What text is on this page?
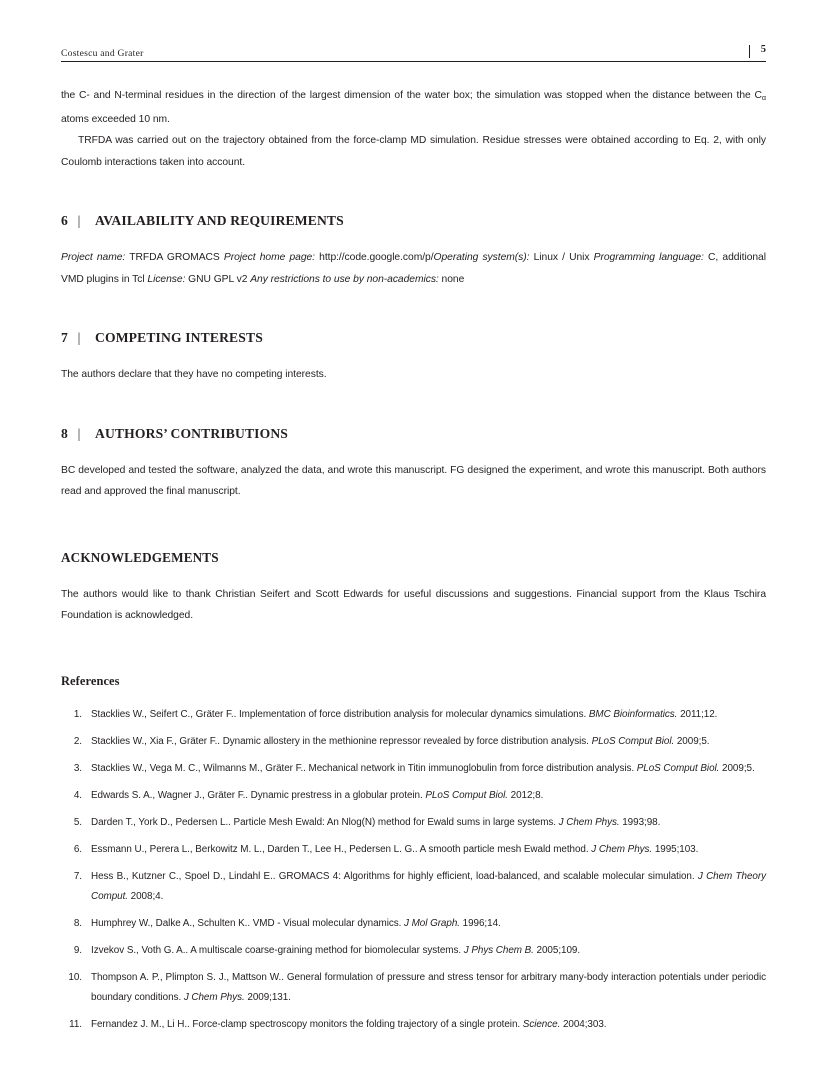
Costescu and Grater	5

the C- and N-terminal residues in the direction of the largest dimension of the water box; the simulation was stopped when the distance between the $C_\alpha$ atoms exceeded 10 nm.

TRFDA was carried out on the trajectory obtained from the force-clamp MD simulation. Residue stresses were obtained according to Eq. 2, with only Coulomb interactions taken into account.

6 |	AVAILABILITY AND REQUIREMENTS

Project name: TRFDA GROMACS Project home page: http://code.google.com/p/Operating system(s): Linux / Unix Programming language: C, additional VMD plugins in Tcl License: GNU GPL v2 Any restrictions to use by non-academics: none

7 |	COMPETING INTERESTS

The authors declare that they have no competing interests.

8 |	AUTHORS’ CONTRIBUTIONS

BC developed and tested the software, analyzed the data, and wrote this manuscript. FG designed the experiment, and wrote this manuscript. Both authors read and approved the final manuscript.

ACKNOWLEDGEMENTS

The authors would like to thank Christian Seifert and Scott Edwards for useful discussions and suggestions. Financial support from the Klaus Tschira Foundation is acknowledged.

References
1. Stacklies W., Seifert C., Gräter F.. Implementation of force distribution analysis for molecular dynamics simulations. BMC Bioinformatics. 2011;12.
2. Stacklies W., Xia F., Gräter F.. Dynamic allostery in the methionine repressor revealed by force distribution analysis. PLoS Comput Biol. 2009;5.
3. Stacklies W., Vega M. C., Wilmanns M., Gräter F.. Mechanical network in Titin immunoglobulin from force distribution analysis. PLoS Comput Biol. 2009;5.
4. Edwards S. A., Wagner J., Gräter F.. Dynamic prestress in a globular protein. PLoS Comput Biol. 2012;8.
5. Darden T., York D., Pedersen L.. Particle Mesh Ewald: An Nlog(N) method for Ewald sums in large systems. J Chem Phys. 1993;98.
6. Essmann U., Perera L., Berkowitz M. L., Darden T., Lee H., Pedersen L. G.. A smooth particle mesh Ewald method. J Chem Phys. 1995;103.
7. Hess B., Kutzner C., Spoel D., Lindahl E.. GROMACS 4: Algorithms for highly efficient, load-balanced, and scalable molecular simulation. J Chem Theory Comput. 2008;4.
8. Humphrey W., Dalke A., Schulten K.. VMD - Visual molecular dynamics. J Mol Graph. 1996;14.
9. Izvekov S., Voth G. A.. A multiscale coarse-graining method for biomolecular systems. J Phys Chem B. 2005;109.
10. Thompson A. P., Plimpton S. J., Mattson W.. General formulation of pressure and stress tensor for arbitrary many-body interaction potentials under periodic boundary conditions. J Chem Phys. 2009;131.
11. Fernandez J. M., Li H.. Force-clamp spectroscopy monitors the folding trajectory of a single protein. Science. 2004;303.
